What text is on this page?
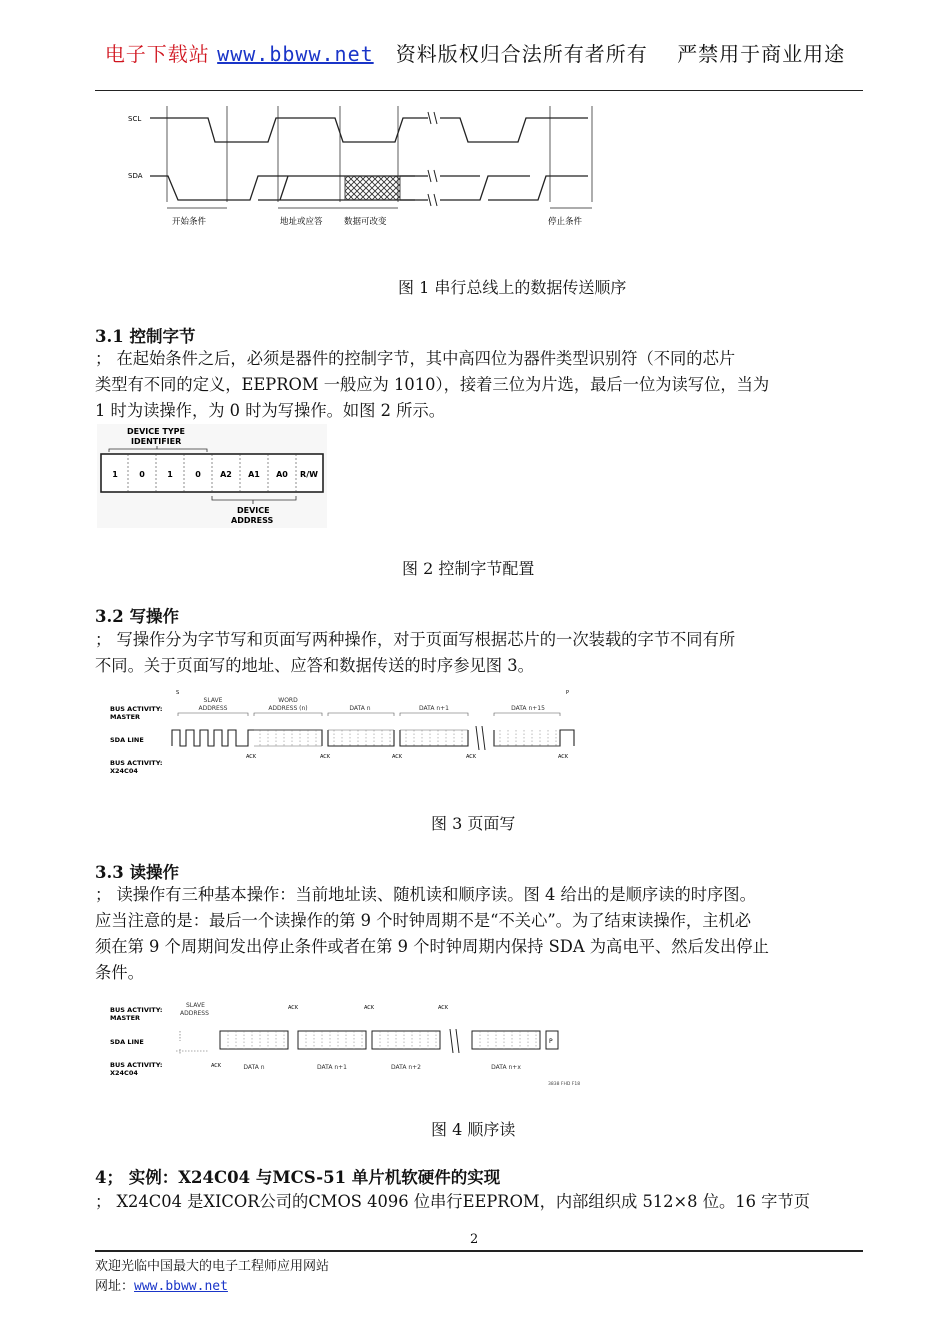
电子下载站 www.bbww.net 资料版权归合法所有者所有 严禁用于商业用途
SCL
SDA
开始条件	地址或应答	数据可改变	停止条件
图 1 串行总线上的数据传送顺序
3.1 控制字节
； 在起始条件之后，必须是器件的控制字节，其中高四位为器件类型识别符（不同的芯片
类型有不同的定义，EEPROM 一般应为 1010），接着三位为片选，最后一位为读写位，当为
1 时为读操作，为 0 时为写操作。如图 2 所示。
DEVICE TYPE
IDENTIFIER
1	0	1	0 A2 A1 A0 R/W
DEVICE
ADDRESS
图 2 控制字节配置
3.2 写操作
； 写操作分为字节写和页面写两种操作，对于页面写根据芯片的一次装载的字节不同有所
不同。关于页面写的地址、应答和数据传送的时序参见图 3。
BUS ACTIVITY:
MASTER
SDA LINE
BUS ACTIVITY:
X24C04
SLAVE
ADDRESS
WORD
ADDRESS (n)	DATA n	DATA n+1	DATA n+15
S	P
ACK	ACK	ACK	ACK	ACK
图 3 页面写
3.3 读操作
； 读操作有三种基本操作：当前地址读、随机读和顺序读。图 4 给出的是顺序读的时序图。
应当注意的是：最后一个读操作的第 9 个时钟周期不是“不关心”。为了结束读操作，主机必
须在第 9 个周期间发出停止条件或者在第 9 个时钟周期内保持 SDA 为高电平、然后发出停止
条件。
BUS ACTIVITY:
MASTER
SDA LINE
BUS ACTIVITY:
X24C04
SLAVE
ADDRESS
P
ACK	ACK	ACK
ACK	DATA n	DATA n+1	DATA n+2	DATA n+x
3838 FHD F18
图 4 顺序读
4； 实例：X24C04 与MCS-51 单片机软硬件的实现
； X24C04 是XICOR公司的CMOS 4096 位串行EEPROM，内部组织成 512×8 位。16 字节页
2
欢迎光临中国最大的电子工程师应用网站
网址：www.bbww.net
